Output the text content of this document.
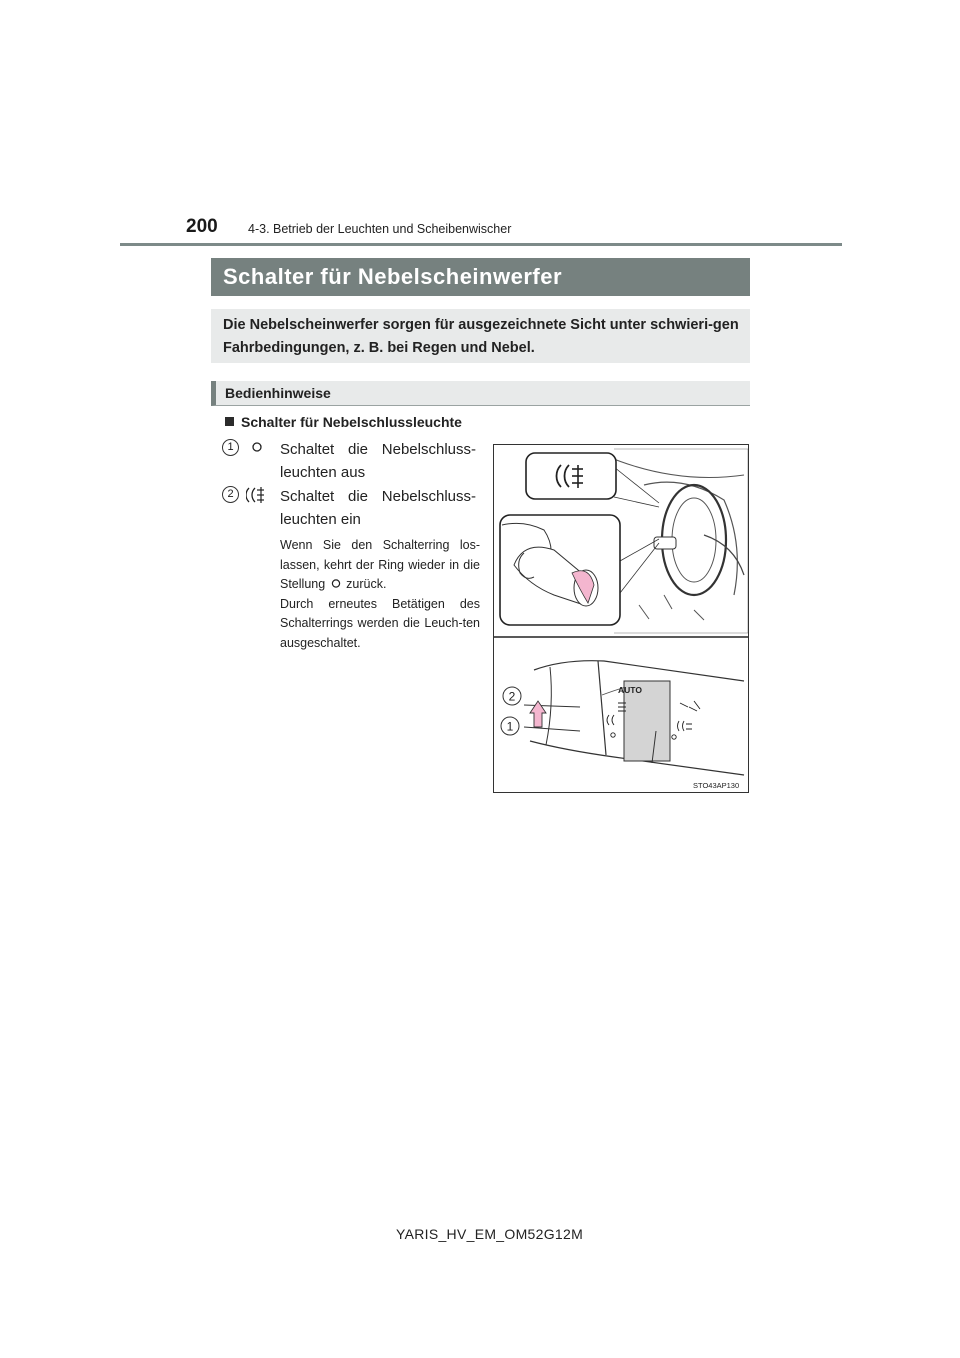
200 4-3. Betrieb der Leuchten und Scheibenwischer
Schalter für Nebelscheinwerfer
Die Nebelscheinwerfer sorgen für ausgezeichnete Sicht unter schwieri-gen Fahrbedingungen, z. B. bei Regen und Nebel.
Bedienhinweise
Schalter für Nebelschlussleuchte
1	Schaltet die Nebelschluss-leuchten aus
2	Schaltet die Nebelschluss-leuchten ein
Wenn Sie den Schalterring los-lassen, kehrt der Ring wieder in die Stellung zurück.
Durch erneutes Betätigen des Schalterrings werden die Leuch-ten ausgeschaltet.
AUTO
2
1
STO43AP130
YARIS_HV_EM_OM52G12M
